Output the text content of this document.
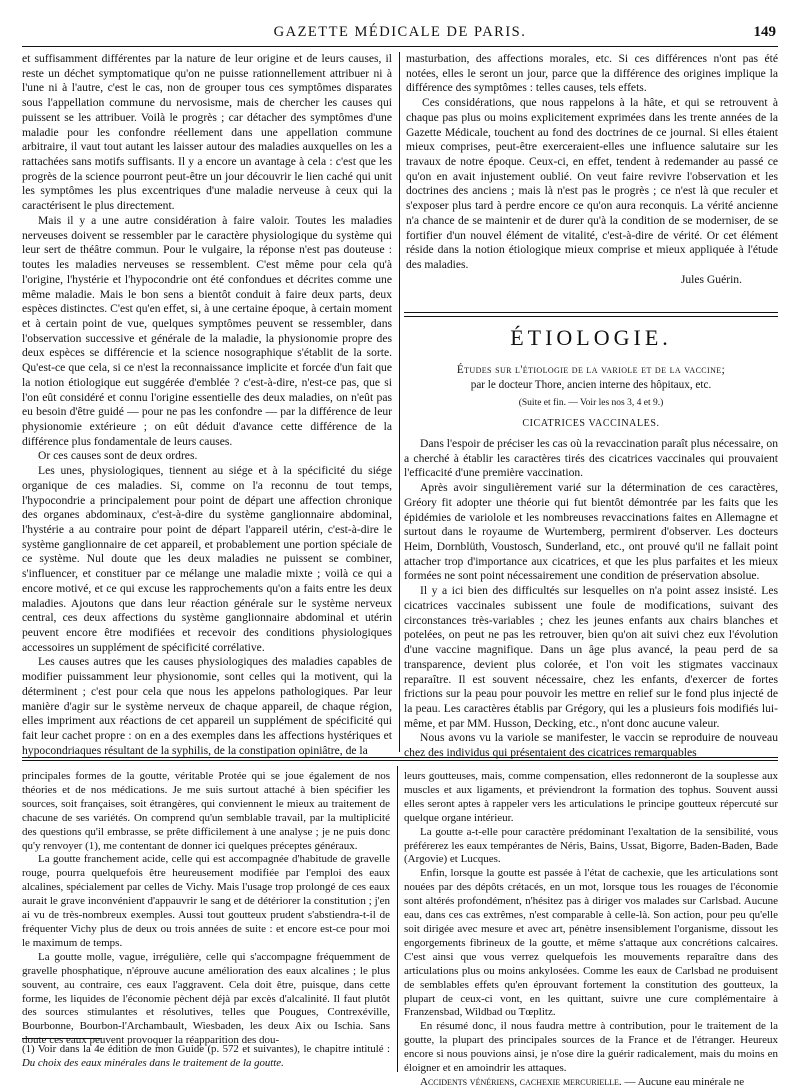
GAZETTE MÉDICALE DE PARIS.	149

et suffisamment différentes par la nature de leur origine et de leurs causes, il reste un déchet symptomatique qu'on ne puisse rationnellement attribuer ni à l'une ni à l'autre, c'est le cas, non de grouper tous ces symptômes disparates sous l'appellation commune du nervosisme, mais de chercher les causes qui puissent se les attribuer. Voilà le progrès ; car détacher des symptômes d'une maladie pour les confondre réellement dans une appellation commune arbitraire, il vaut tout autant les laisser autour des maladies auxquelles on les a rattachées sans motifs suffisants. Il y a encore un avantage à cela : c'est que les progrès de la science pourront peut-être un jour découvrir le lien caché qui unit les symptômes les plus excentriques d'une maladie nerveuse à ceux qui la caractérisent le plus directement.

Mais il y a une autre considération à faire valoir. Toutes les maladies nerveuses doivent se ressembler par le caractère physiologique du système qui leur sert de théâtre commun. Pour le vulgaire, la réponse n'est pas douteuse : toutes les maladies nerveuses se ressemblent. C'est même pour cela qu'à l'origine, l'hystérie et l'hypocondrie ont été confondues et décrites comme une même maladie. Mais le bon sens a bientôt conduit à faire deux parts, deux espèces distinctes. C'est qu'en effet, si, à une certaine époque, à certain moment et à certain point de vue, quelques symptômes peuvent se ressembler, dans l'observation successive et générale de la maladie, la physionomie propre des deux espèces se différencie et la science nosographique s'établit de la sorte. Qu'est-ce que cela, si ce n'est la reconnaissance implicite et forcée d'un fait que la notion étiologique eut suggérée d'emblée ? c'est-à-dire, n'est-ce pas, que si l'on eût considéré et connu l'origine essentielle des deux maladies, on n'eût pas eu besoin d'être guidé — pour ne pas les confondre — par la différence de leur physionomie extérieure ; on eût déduit d'avance cette différence de la différence plus fondamentale de leurs causes.

Or ces causes sont de deux ordres.

Les unes, physiologiques, tiennent au siége et à la spécificité du siége organique de ces maladies. Si, comme on l'a reconnu de tout temps, l'hypocondrie a principalement pour point de départ une affection chronique des organes abdominaux, c'est-à-dire du système ganglionnaire abdominal, l'hystérie a au contraire pour point de départ l'appareil utérin, c'est-à-dire le système ganglionnaire de cet appareil, et probablement une portion spéciale de ce système. Nul doute que les deux maladies ne puissent se combiner, s'influencer, et constituer par ce mélange une maladie mixte ; voilà ce qui a encore motivé, et ce qui excuse les rapprochements qu'on a faits entre les deux maladies. Ajoutons que dans leur réaction générale sur le système nerveux central, ces deux affections du système ganglionnaire abdominal et utérin peuvent encore être modifiées et recevoir des conditions physiologiques accessoires un supplément de spécificité corrélative.

Les causes autres que les causes physiologiques des maladies capables de modifier puissamment leur physionomie, sont celles qui la motivent, qui la déterminent ; c'est pour cela que nous les appelons pathologiques. Par leur manière d'agir sur le système nerveux de chaque appareil, de chaque région, elles impriment aux réactions de cet appareil un supplément de spécificité qui fait leur cachet propre : on en a des exemples dans les affections hystériques et hypocondriaques résultant de la syphilis, de la constipation opiniâtre, de la

masturbation, des affections morales, etc. Si ces différences n'ont pas été notées, elles le seront un jour, parce que la différence des origines implique la différence des symptômes : telles causes, tels effets.

Ces considérations, que nous rappelons à la hâte, et qui se retrouvent à chaque pas plus ou moins explicitement exprimées dans les trente années de la Gazette Médicale, touchent au fond des doctrines de ce journal. Si elles étaient mieux comprises, peut-être exerceraient-elles une influence salutaire sur les travaux de notre époque. Ceux-ci, en effet, tendent à redemander au passé ce qu'on en avait injustement oublié. On veut faire revivre l'observation et les doctrines des anciens ; mais là n'est pas le progrès ; ce n'est là que reculer et s'exposer plus tard à perdre encore ce qu'on aura reconquis. La vérité ancienne n'a chance de se maintenir et de durer qu'à la condition de se moderniser, de se fortifier d'un nouvel élément de vitalité, c'est-à-dire de vérité. Or cet élément réside dans la notion étiologique mieux comprise et mieux appliquée à l'étude des maladies.

Jules Guérin.

ÉTIOLOGIE.

Études sur l'étiologie de la variole et de la vaccine;

par le docteur Thore, ancien interne des hôpitaux, etc.

(Suite et fin. — Voir les nos 3, 4 et 9.)
CICATRICES VACCINALES.

Dans l'espoir de préciser les cas où la revaccination paraît plus nécessaire, on a cherché à établir les caractères tirés des cicatrices vaccinales qui prouvaient l'efficacité d'une première vaccination.

Après avoir singulièrement varié sur la détermination de ces caractères, Gréory fit adopter une théorie qui fut bientôt démontrée par les faits que les épidémies de variolole et les nombreuses revaccinations faites en Allemagne et surtout dans le royaume de Wurtemberg, permirent d'observer. Les docteurs Heim, Dornblüth, Voustosch, Sunderland, etc., ont prouvé qu'il ne fallait point attacher trop d'importance aux cicatrices, et que les plus parfaites et les mieux formées ne sont point nécessairement une condition de préservation absolue.

Il y a ici bien des difficultés sur lesquelles on n'a point assez insisté. Les cicatrices vaccinales subissent une foule de modifications, suivant des circonstances très-variables ; chez les jeunes enfants aux chairs blanches et potelées, on peut ne pas les retrouver, bien qu'on ait suivi chez eux l'évolution d'une vaccine magnifique. Dans un âge plus avancé, la peau perd de sa transparence, devient plus colorée, et l'on voit les stigmates vaccinaux reparaître. Il est souvent nécessaire, chez les enfants, d'exercer de fortes frictions sur la peau pour pouvoir les mettre en relief sur le fond plus injecté de la peau. Les caractères établis par Grégory, qui les a plusieurs fois modifiés lui-même, et par MM. Husson, Decking, etc., n'ont donc aucune valeur.

Nous avons vu la variole se manifester, le vaccin se reproduire de nouveau chez des individus qui présentaient des cicatrices remarquables

principales formes de la goutte, véritable Protée qui se joue également de nos théories et de nos médications. Je me suis surtout attaché à bien spécifier les sources, soit françaises, soit étrangères, qui conviennent le mieux au traitement de chacune de ses variétés. On comprend qu'un semblable travail, par la multiplicité des questions qu'il embrasse, se prête difficilement à une analyse ; je ne puis donc qu'y renvoyer (1), me contentant de donner ici quelques préceptes généraux.

La goutte franchement acide, celle qui est accompagnée d'habitude de gravelle rouge, pourra quelquefois être heureusement modifiée par l'emploi des eaux alcalines, spécialement par celles de Vichy. Mais l'usage trop prolongé de ces eaux aurait le grave inconvénient d'appauvrir le sang et de détériorer la constitution ; j'en ai vu de très-nombreux exemples. Aussi tout goutteux prudent s'abstiendra-t-il de fréquenter Vichy plus de deux ou trois années de suite : et encore est-ce pour moi le maximum de temps.

La goutte molle, vague, irrégulière, celle qui s'accompagne fréquemment de gravelle phosphatique, n'éprouve aucune amélioration des eaux alcalines ; le plus souvent, au contraire, ces eaux l'aggravent. Cela doit être, puisque, dans cette forme, les liquides de l'économie pèchent déjà par excès d'alcalinité. Il faut plutôt des sources stimulantes et résolutives, telles que Pougues, Contrexéville, Bourbonne, Bourbon-l'Archambault, Wiesbaden, les deux Aix ou Ischia. Sans doute ces eaux peuvent provoquer la réapparition des dou-

(1) Voir dans la 4e édition de mon Guide (p. 572 et suivantes), le chapitre intitulé : Du choix des eaux minérales dans le traitement de la goutte.

leurs goutteuses, mais, comme compensation, elles redonneront de la souplesse aux muscles et aux ligaments, et préviendront la formation des tophus. Souvent aussi elles seront aptes à rappeler vers les articulations le principe goutteux répercuté sur quelque organe intérieur.

La goutte a-t-elle pour caractère prédominant l'exaltation de la sensibilité, vous préférerez les eaux tempérantes de Néris, Bains, Ussat, Bigorre, Baden-Baden, Bade (Argovie) et Lucques.

Enfin, lorsque la goutte est passée à l'état de cachexie, que les articulations sont nouées par des dépôts crétacés, en un mot, lorsque tous les rouages de l'économie sont altérés profondément, n'hésitez pas à diriger vos malades sur Carlsbad. Aucune eau, dans ces cas extrêmes, n'est comparable à celle-là. Son action, pour peu qu'elle soit dirigée avec mesure et avec art, pénètre insensiblement l'organisme, dissout les engorgements fibrineux de la goutte, et même s'attaque aux concrétions calcaires. C'est ainsi que vous verrez quelquefois les mouvements reparaître dans des articulations plus ou moins ankylosées. Comme les eaux de Carlsbad ne produisent de semblables effets qu'en éprouvant fortement la constitution des goutteux, la plupart de ceux-ci vont, en les quittant, suivre une cure complémentaire à Franzensbad, Wildbad ou Tœplitz.

En résumé donc, il nous faudra mettre à contribution, pour le traitement de la goutte, la plupart des principales sources de la France et de l'étranger. Heureux encore si nous pouvions ainsi, je n'ose dire la guérir radicalement, mais du moins en éloigner et en amoindrir les attaques.

Accidents vénériens, cachexie mercurielle. — Aucune eau minérale ne
